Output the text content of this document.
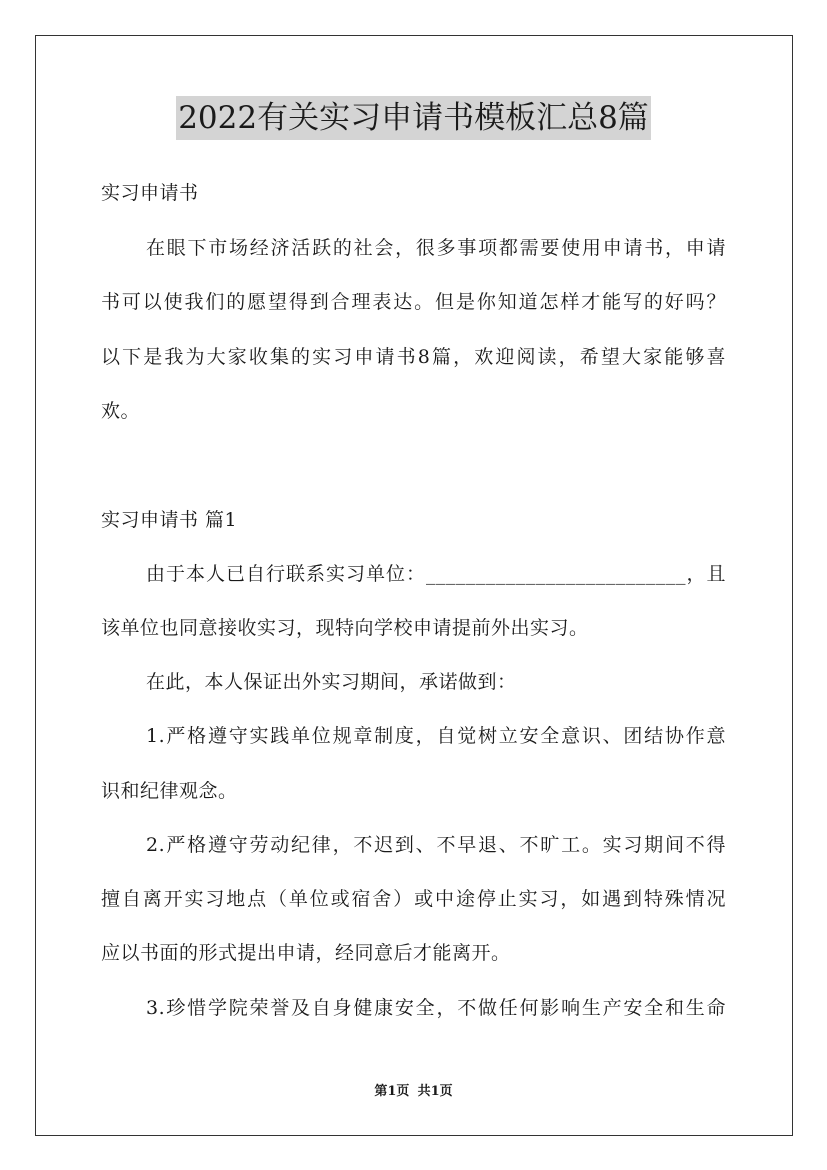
2022有关实习申请书模板汇总8篇
实习申请书
在眼下市场经济活跃的社会，很多事项都需要使用申请书，申请
书可以使我们的愿望得到合理表达。但是你知道怎样才能写的好吗？
以下是我为大家收集的实习申请书8篇，欢迎阅读，希望大家能够喜
欢。
实习申请书 篇1
由于本人已自行联系实习单位：__________________________，且
该单位也同意接收实习，现特向学校申请提前外出实习。
在此，本人保证出外实习期间，承诺做到：
1.严格遵守实践单位规章制度，自觉树立安全意识、团结协作意
识和纪律观念。
2.严格遵守劳动纪律，不迟到、不早退、不旷工。实习期间不得
擅自离开实习地点（单位或宿舍）或中途停止实习，如遇到特殊情况
应以书面的形式提出申请，经同意后才能离开。
3.珍惜学院荣誉及自身健康安全，不做任何影响生产安全和生命
第1页 共1页
